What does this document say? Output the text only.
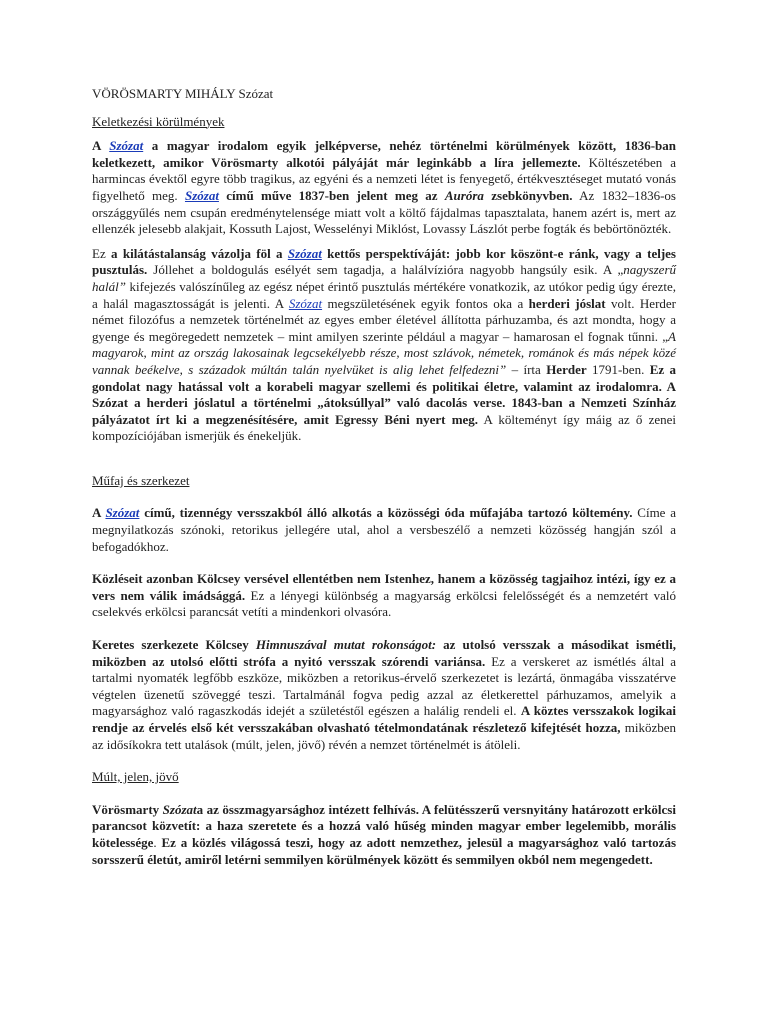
VÖRÖSMARTY MIHÁLY Szózat

Keletkezési körülmények

A Szózat a magyar irodalom egyik jelképverse, nehéz történelmi körülmények között, 1836-ban keletkezett, amikor Vörösmarty alkotói pályáját már leginkább a líra jellemezte. Költészetében a harmincas évektől egyre több tragikus, az egyéni és a nemzeti létet is fenyegető, értékvesztéseget mutató vonás figyelhető meg. Szózat című műve 1837-ben jelent meg az Auróra zsebkönyvben. Az 1832–1836-os országgyűlés nem csupán eredménytelensége miatt volt a költő fájdalmas tapasztalata, hanem azért is, mert az ellenzék jelesebb alakjait, Kossuth Lajost, Wesselényi Miklóst, Lovassy Lászlót perbe fogták és bebörtönözték.

Ez a kilátástalanság vázolja föl a Szózat kettős perspektíváját: jobb kor köszönt-e ránk, vagy a teljes pusztulás. Jóllehet a boldogulás esélyét sem tagadja, a halálvízióra nagyobb hangsúly esik. A „nagyszerű halál” kifejezés valószínűleg az egész népet érintő pusztulás mértékére vonatkozik, az utókor pedig úgy érezte, a halál magasztosságát is jelenti. A Szózat megszületésének egyik fontos oka a herderi jóslat volt. Herder német filozófus a nemzetek történelmét az egyes ember életével állította párhuzamba, és azt mondta, hogy a gyenge és megöregedett nemzetek – mint amilyen szerinte például a magyar – hamarosan el fognak tűnni. „A magyarok, mint az ország lakosainak legcsekélyebb része, most szlávok, németek, románok és más népek közé vannak beékelve, s századok múltán talán nyelvüket is alig lehet felfedezni” – írta Herder 1791-ben. Ez a gondolat nagy hatással volt a korabeli magyar szellemi és politikai életre, valamint az irodalomra. A Szózat a herderi jóslatul a történelmi „átoksúllyal” való dacolás verse. 1843-ban a Nemzeti Színház pályázatot írt ki a megzenésítésére, amit Egressy Béni nyert meg. A költeményt így máig az ő zenei kompozíciójában ismerjük és énekeljük.

Műfaj és szerkezet

A Szózat című, tizennégy versszakból álló alkotás a közösségi óda műfajába tartozó költemény. Címe a megnyilatkozás szónoki, retorikus jellegére utal, ahol a versbeszélő a nemzeti közösség hangján szól a befogadókhoz.

Közléseit azonban Kölcsey versével ellentétben nem Istenhez, hanem a közösség tagjaihoz intézi, így ez a vers nem válik imádsággá. Ez a lényegi különbség a magyarság erkölcsi felelősségét és a nemzetért való cselekvés erkölcsi parancsát vetíti a mindenkori olvasóra.

Keretes szerkezete Kölcsey Himnuszával mutat rokonságot: az utolsó versszak a másodikat ismétli, miközben az utolsó előtti strófa a nyitó versszak szórendi variánsa. Ez a verskeret az ismétlés által a tartalmi nyomaték legfőbb eszköze, miközben a retorikus-érvelő szerkezetet is lezártá, önmagába visszatérve végtelen üzenetű szöveggé teszi. Tartalmánál fogva pedig azzal az életkerettel párhuzamos, amelyik a magyarsághoz való ragaszkodás idejét a születéstől egészen a halálig rendeli el. A köztes versszakok logikai rendje az érvelés első két versszakában olvasható tételmondatának részletező kifejtését hozza, miközben az idősíkokra tett utalások (múlt, jelen, jövő) révén a nemzet történelmét is átöleli.

Múlt, jelen, jövő

Vörösmarty Szózata az összmagyarsághoz intézett felhívás. A felütésszerű versnyitány határozott erkölcsi parancsot közvetít: a haza szeretete és a hozzá való hűség minden magyar ember legelemibb, morális kötelessége. Ez a közlés világossá teszi, hogy az adott nemzethez, jelesül a magyarsághoz való tartozás sorsszerű életút, amiről letérni semmilyen körülmények között és semmilyen okból nem megengedett.
